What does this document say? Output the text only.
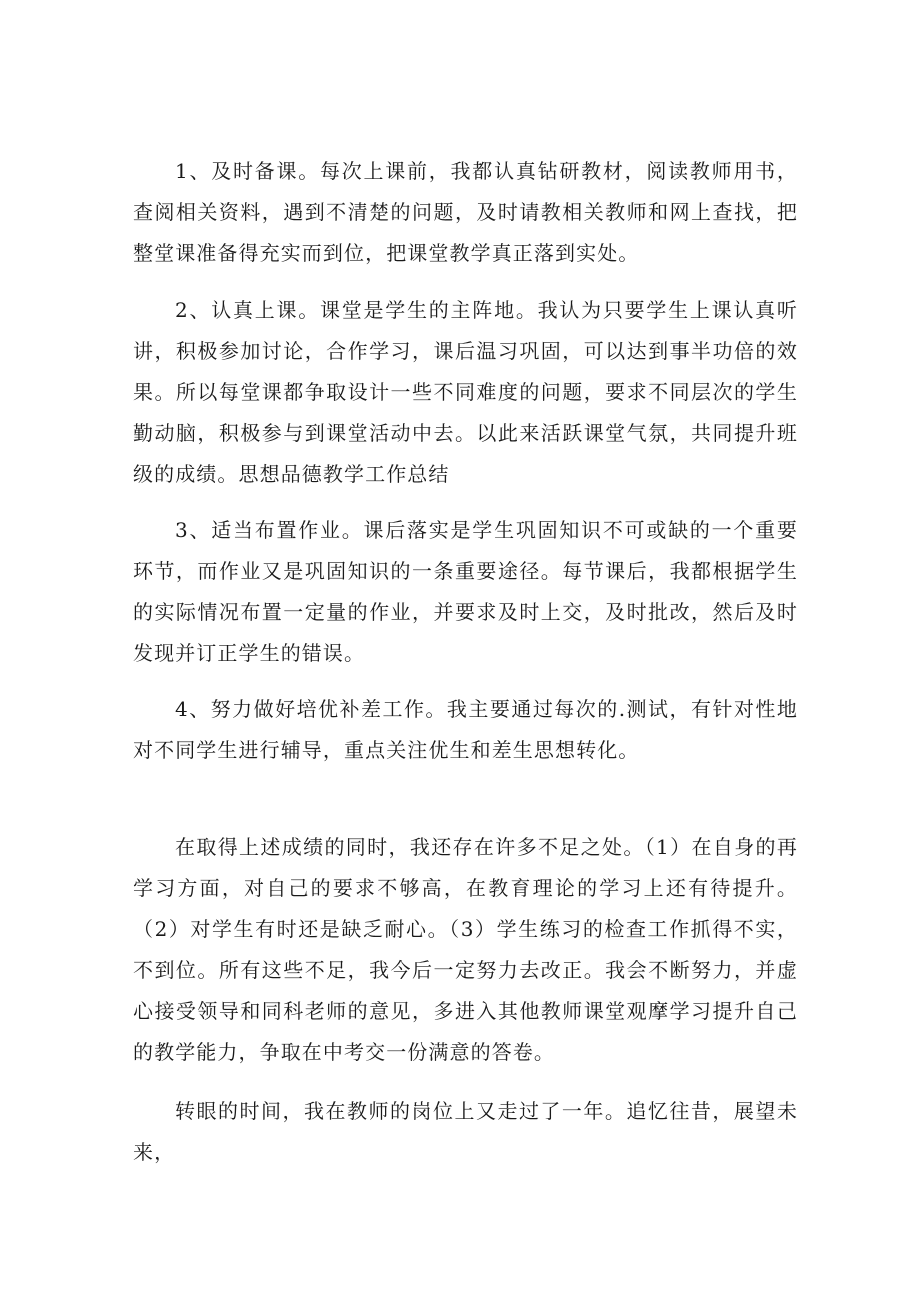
1、及时备课。每次上课前，我都认真钻研教材，阅读教师用书，查阅相关资料，遇到不清楚的问题，及时请教相关教师和网上查找，把整堂课准备得充实而到位，把课堂教学真正落到实处。

2、认真上课。课堂是学生的主阵地。我认为只要学生上课认真听讲，积极参加讨论，合作学习，课后温习巩固，可以达到事半功倍的效果。所以每堂课都争取设计一些不同难度的问题，要求不同层次的学生勤动脑，积极参与到课堂活动中去。以此来活跃课堂气氛，共同提升班级的成绩。思想品德教学工作总结

3、适当布置作业。课后落实是学生巩固知识不可或缺的一个重要环节，而作业又是巩固知识的一条重要途径。每节课后，我都根据学生的实际情况布置一定量的作业，并要求及时上交，及时批改，然后及时发现并订正学生的错误。

4、努力做好培优补差工作。我主要通过每次的.测试，有针对性地对不同学生进行辅导，重点关注优生和差生思想转化。

在取得上述成绩的同时，我还存在许多不足之处。（1）在自身的再学习方面，对自己的要求不够高，在教育理论的学习上还有待提升。（2）对学生有时还是缺乏耐心。（3）学生练习的检查工作抓得不实，不到位。所有这些不足，我今后一定努力去改正。我会不断努力，并虚心接受领导和同科老师的意见，多进入其他教师课堂观摩学习提升自己的教学能力，争取在中考交一份满意的答卷。

转眼的时间，我在教师的岗位上又走过了一年。追忆往昔，展望未来，
